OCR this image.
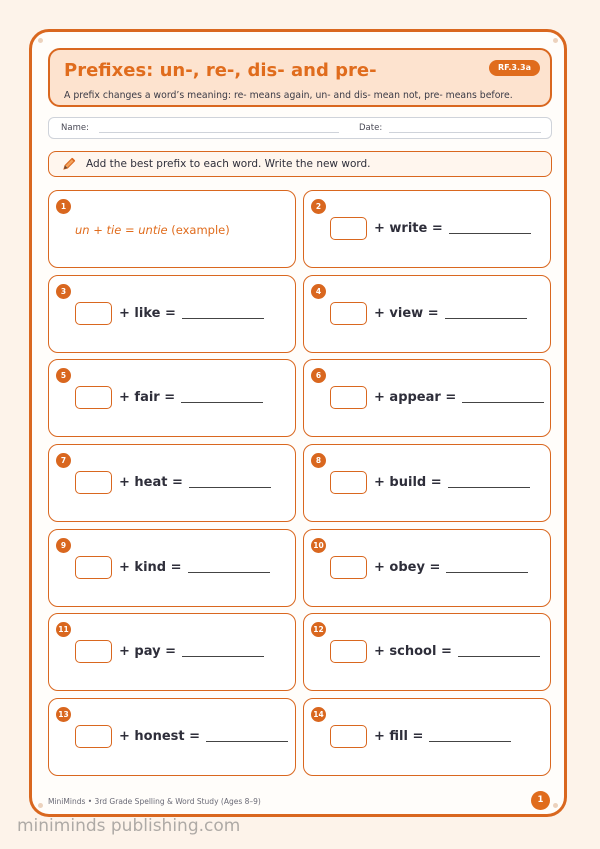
Prefixes: un-, re-, dis- and pre-	RF.3.3a
A prefix changes a word’s meaning: re- means again, un- and dis- mean not, pre- means before.
Name:	Date:
Add the best prefix to each word. Write the new word.
1
un + tie = untie (example)
2
+ write =
3
+ like =
4
+ view =
5
+ fair =
6
+ appear =
7
+ heat =
8
+ build =
9
+ kind =
10
+ obey =
11
+ pay =
12
+ school =
13
+ honest =
14
+ fill =
MiniMinds • 3rd Grade Spelling & Word Study (Ages 8–9)	1
miniminds publishing.com
